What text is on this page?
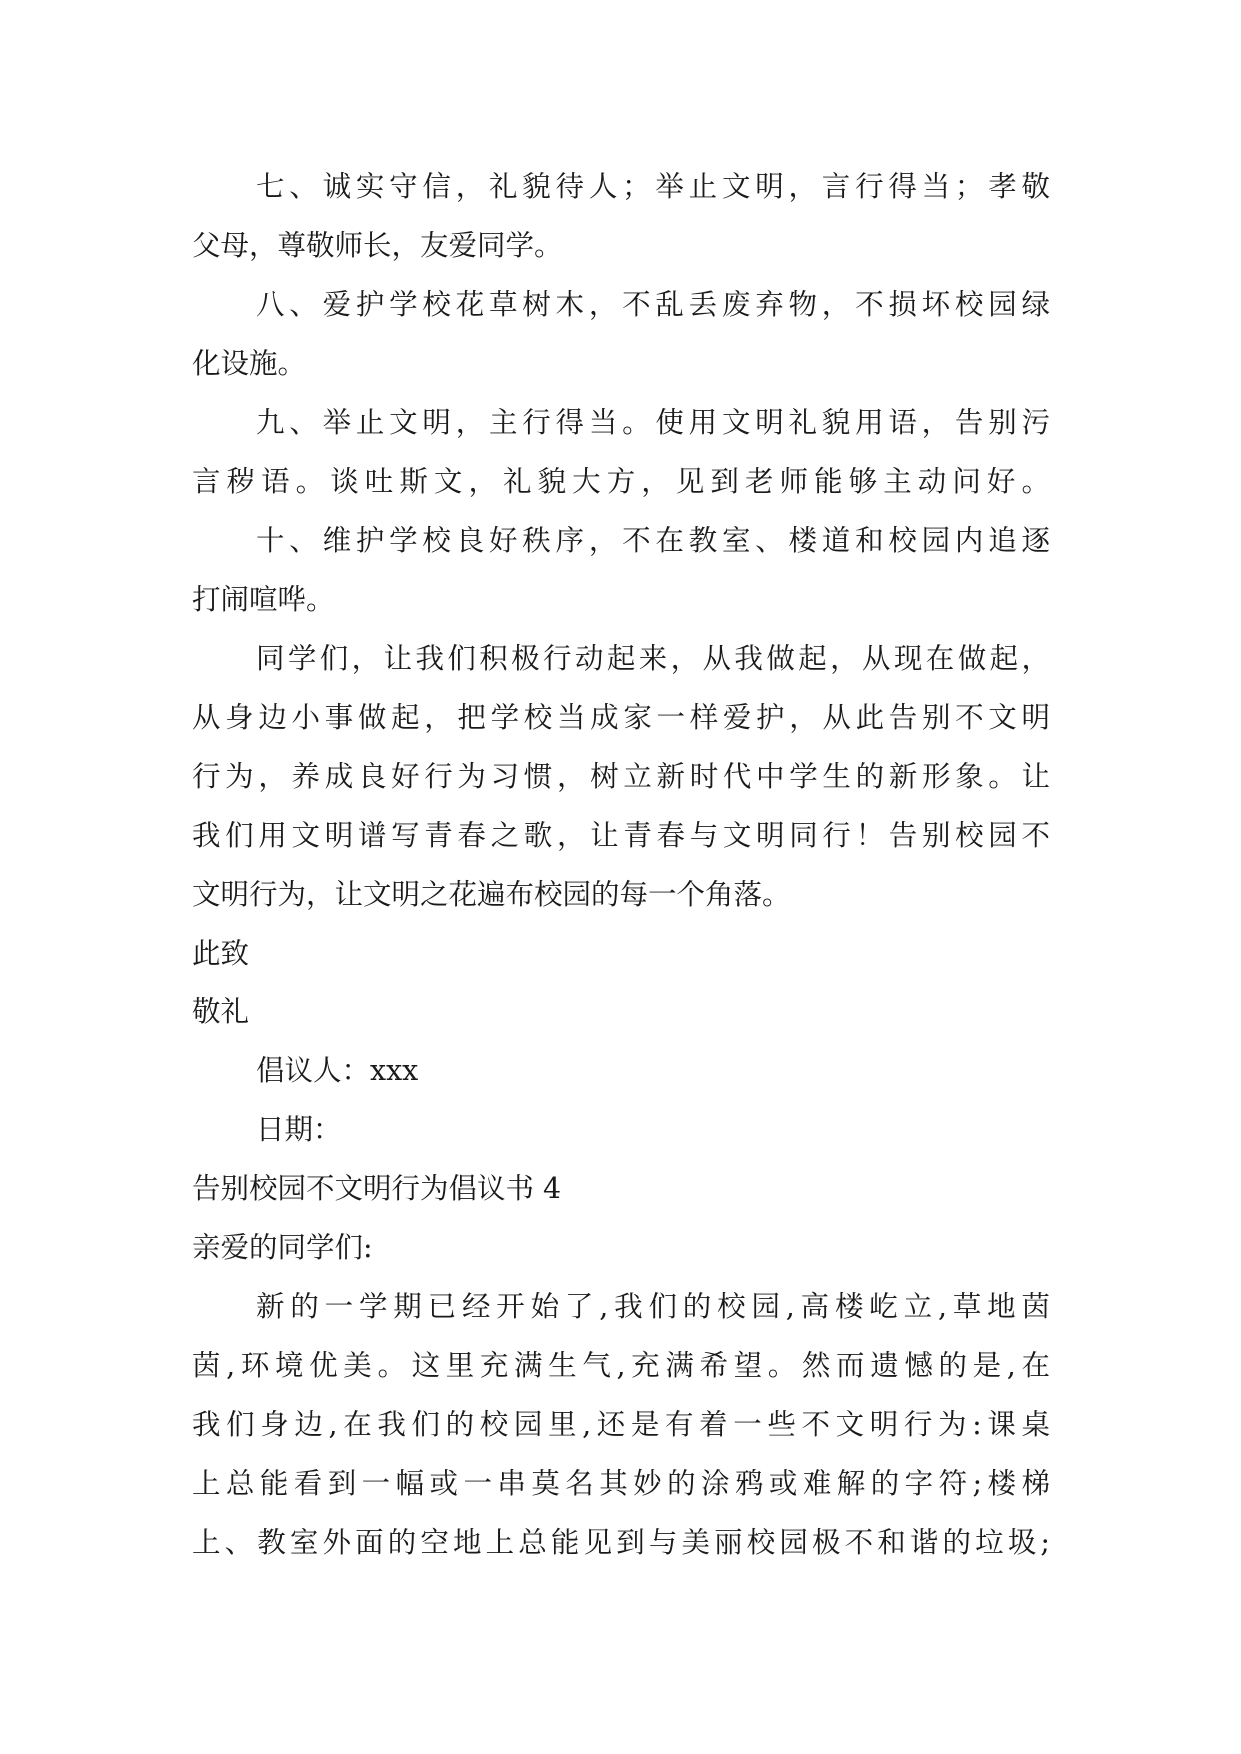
七、诚实守信，礼貌待人；举止文明，言行得当；孝敬
父母，尊敬师长，友爱同学。
八、爱护学校花草树木，不乱丢废弃物，不损坏校园绿
化设施。
九、举止文明，主行得当。使用文明礼貌用语，告别污
言秽语。谈吐斯文，礼貌大方，见到老师能够主动问好。
十、维护学校良好秩序，不在教室、楼道和校园内追逐
打闹喧哗。
同学们，让我们积极行动起来，从我做起，从现在做起，
从身边小事做起，把学校当成家一样爱护，从此告别不文明
行为，养成良好行为习惯，树立新时代中学生的新形象。让
我们用文明谱写青春之歌，让青春与文明同行！告别校园不
文明行为，让文明之花遍布校园的每一个角落。
此致
敬礼
倡议人：xxx
日期：
告别校园不文明行为倡议书 4
亲爱的同学们:
新的一学期已经开始了,我们的校园,高楼屹立,草地茵
茵,环境优美。这里充满生气,充满希望。然而遗憾的是,在
我们身边,在我们的校园里,还是有着一些不文明行为:课桌
上总能看到一幅或一串莫名其妙的涂鸦或难解的字符;楼梯
上、教室外面的空地上总能见到与美丽校园极不和谐的垃圾;
